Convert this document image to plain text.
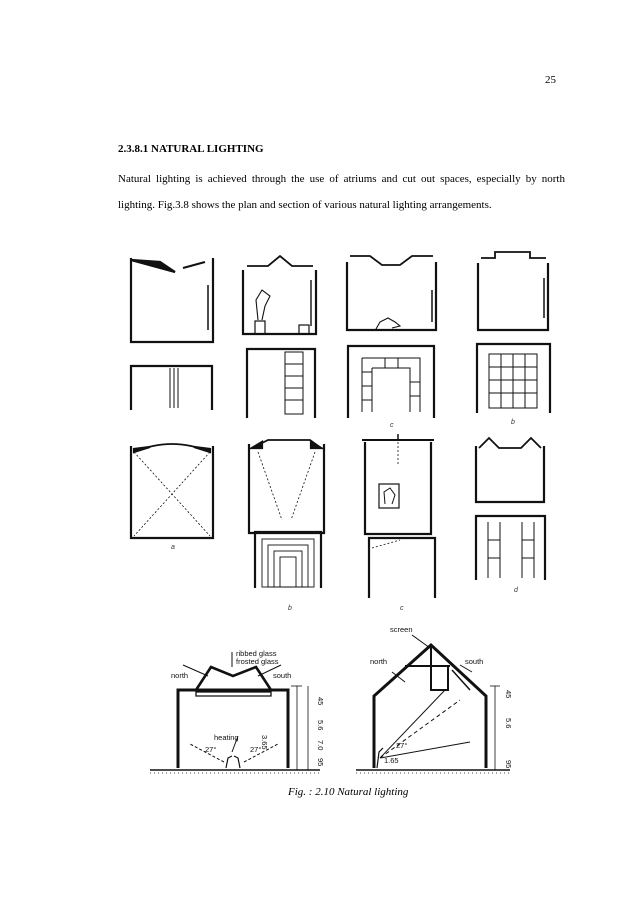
25
2.3.8.1 NATURAL LIGHTING
Natural lighting is achieved through the use of atriums and cut out spaces, especially by north lighting. Fig.3.8 shows the plan and section of various natural lighting arrangements.
c	b
a
b	c
d
ribbed glass
frosted glass
north	south
heating
27°	27°
screen
north	south
27°
1.65
45
5.6
7.0
3.65
95
45
5.6
95
Fig. : 2.10 Natural lighting
